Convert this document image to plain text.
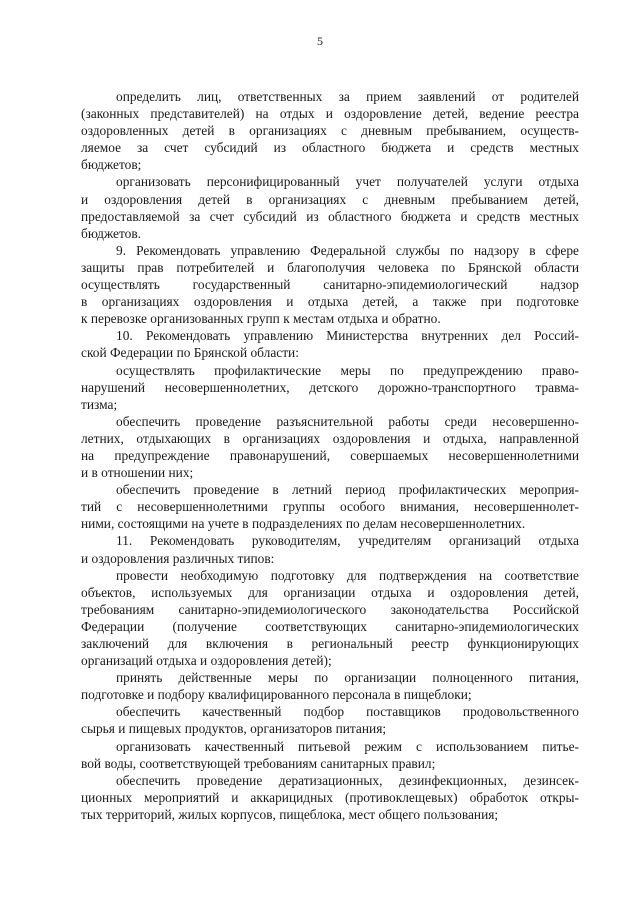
5
определить лиц, ответственных за прием заявлений от родителей
(законных представителей) на отдых и оздоровление детей, ведение реестра
оздоровленных детей в организациях с дневным пребыванием, осуществ-
ляемое за счет субсидий из областного бюджета и средств местных
бюджетов;
организовать персонифицированный учет получателей услуги отдыха
и оздоровления детей в организациях с дневным пребыванием детей,
предоставляемой за счет субсидий из областного бюджета и средств местных
бюджетов.
9. Рекомендовать управлению Федеральной службы по надзору в сфере
защиты прав потребителей и благополучия человека по Брянской области
осуществлять государственный санитарно-эпидемиологический надзор
в организациях оздоровления и отдыха детей, а также при подготовке
к перевозке организованных групп к местам отдыха и обратно.
10. Рекомендовать управлению Министерства внутренних дел Россий-
ской Федерации по Брянской области:
осуществлять профилактические меры по предупреждению право-
нарушений несовершеннолетних, детского дорожно-транспортного травма-
тизма;
обеспечить проведение разъяснительной работы среди несовершенно-
летних, отдыхающих в организациях оздоровления и отдыха, направленной
на предупреждение правонарушений, совершаемых несовершеннолетними
и в отношении них;
обеспечить проведение в летний период профилактических мероприя-
тий с несовершеннолетними группы особого внимания, несовершеннолет-
ними, состоящими на учете в подразделениях по делам несовершеннолетних.
11. Рекомендовать руководителям, учредителям организаций отдыха
и оздоровления различных типов:
провести необходимую подготовку для подтверждения на соответствие
объектов, используемых для организации отдыха и оздоровления детей,
требованиям санитарно-эпидемиологического законодательства Российской
Федерации (получение соответствующих санитарно-эпидемиологических
заключений для включения в региональный реестр функционирующих
организаций отдыха и оздоровления детей);
принять действенные меры по организации полноценного питания,
подготовке и подбору квалифицированного персонала в пищеблоки;
обеспечить качественный подбор поставщиков продовольственного
сырья и пищевых продуктов, организаторов питания;
организовать качественный питьевой режим с использованием питье-
вой воды, соответствующей требованиям санитарных правил;
обеспечить проведение дератизационных, дезинфекционных, дезинсек-
ционных мероприятий и аккарицидных (противоклещевых) обработок откры-
тых территорий, жилых корпусов, пищеблока, мест общего пользования;
